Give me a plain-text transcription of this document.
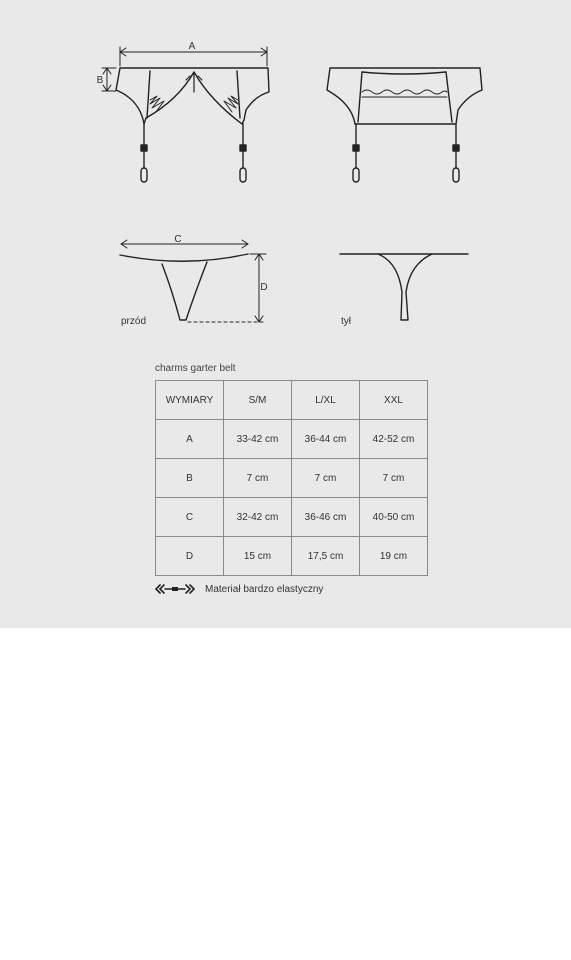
A
B
C
D
przód	tył
charms garter belt
WYMIARY	S/M	L/XL	XXL
A	33-42 cm	36-44 cm	42-52 cm
B	7 cm	7 cm	7 cm
C	32-42 cm	36-46 cm	40-50 cm
D	15 cm	17,5 cm	19 cm
Materiał bardzo elastyczny
